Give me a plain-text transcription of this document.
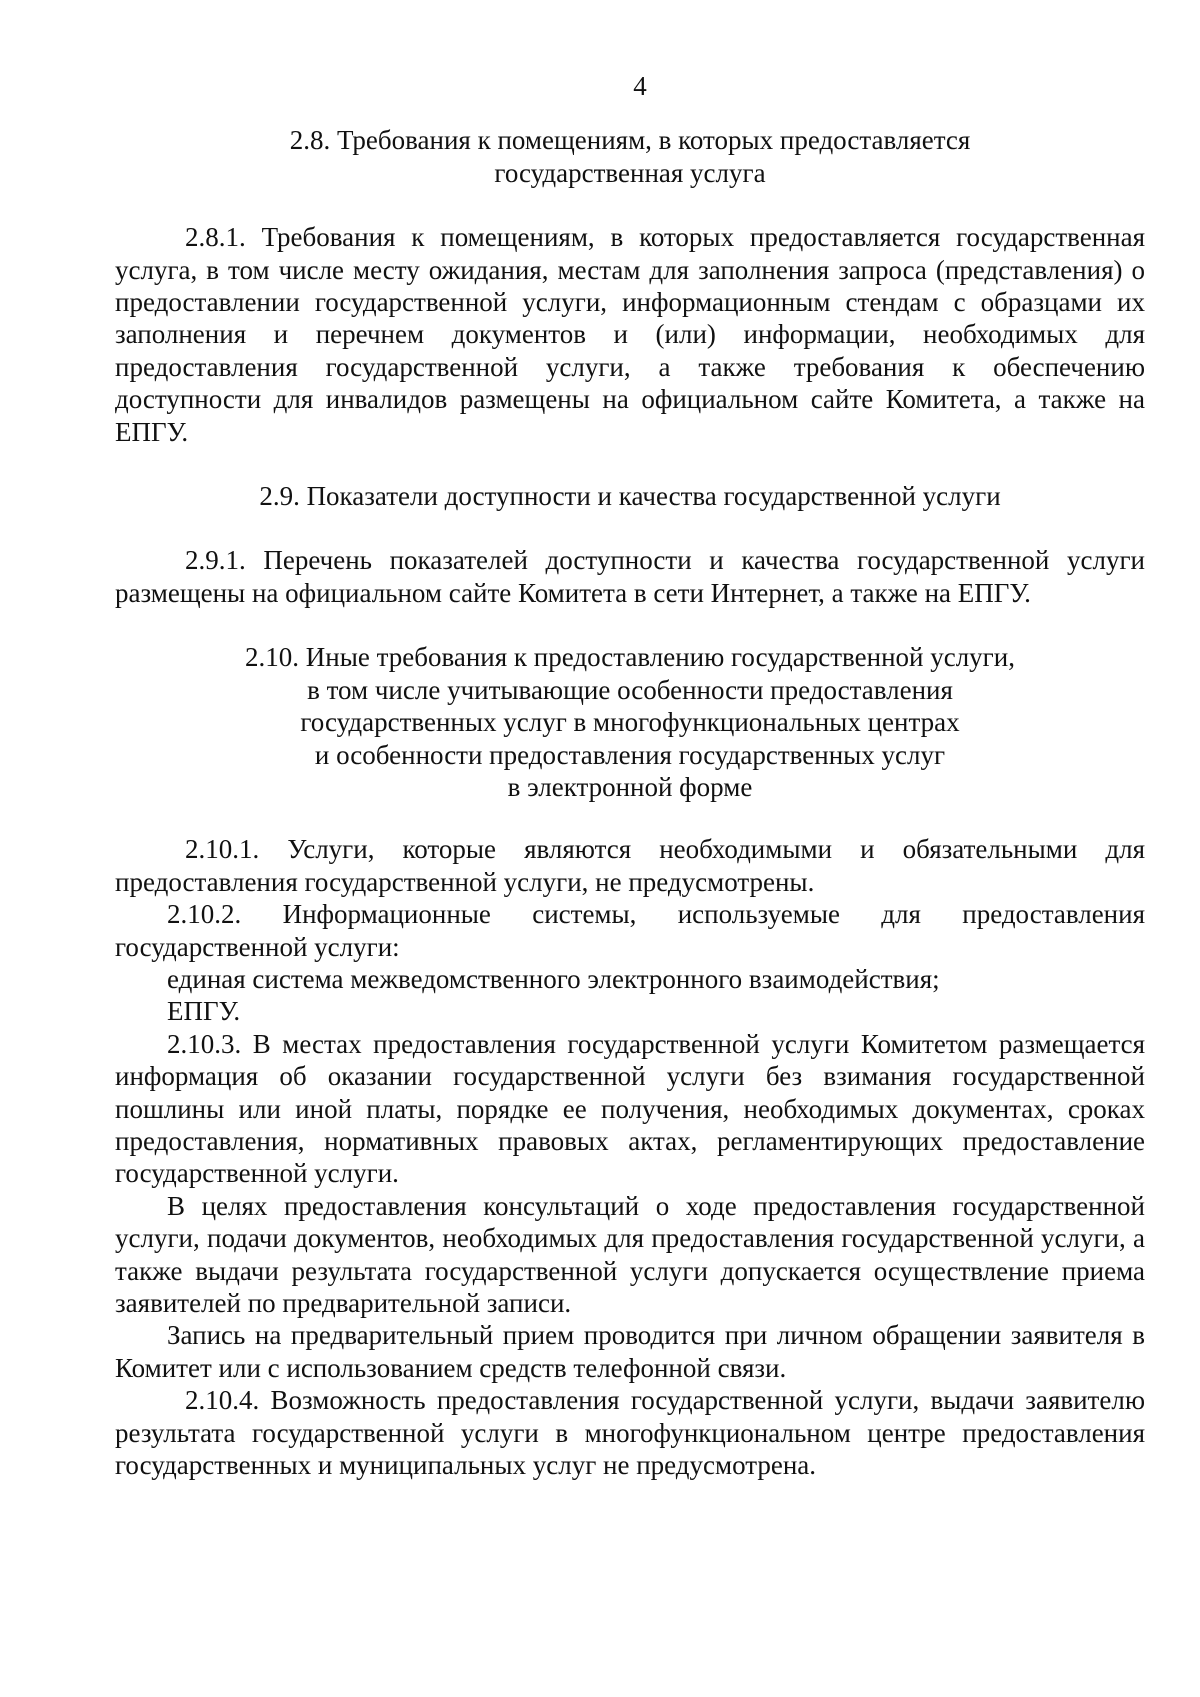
4
2.8. Требования к помещениям, в которых предоставляется
государственная услуга

2.8.1. Требования к помещениям, в которых предоставляется государственная услуга, в том числе месту ожидания, местам для заполнения запроса (представления) о предоставлении государственной услуги, информационным стендам с образцами их заполнения и перечнем документов и (или) информации, необходимых для предоставления государственной услуги, а также требования к обеспечению доступности для инвалидов размещены на официальном сайте Комитета, а также на ЕПГУ.

2.9. Показатели доступности и качества государственной услуги

2.9.1. Перечень показателей доступности и качества государственной услуги размещены на официальном сайте Комитета в сети Интернет, а также на ЕПГУ.

2.10. Иные требования к предоставлению государственной услуги,
в том числе учитывающие особенности предоставления
государственных услуг в многофункциональных центрах
и особенности предоставления государственных услуг
в электронной форме

2.10.1. Услуги, которые являются необходимыми и обязательными для предоставления государственной услуги, не предусмотрены.

2.10.2. Информационные системы, используемые для предоставления государственной услуги:

единая система межведомственного электронного взаимодействия;

ЕПГУ.

2.10.3. В местах предоставления государственной услуги Комитетом размещается информация об оказании государственной услуги без взимания государственной пошлины или иной платы, порядке ее получения, необходимых документах, сроках предоставления, нормативных правовых актах, регламентирующих предоставление государственной услуги.

В целях предоставления консультаций о ходе предоставления государственной услуги, подачи документов, необходимых для предоставления государственной услуги, а также выдачи результата государственной услуги допускается осуществление приема заявителей по предварительной записи.

Запись на предварительный прием проводится при личном обращении заявителя в Комитет или с использованием средств телефонной связи.

2.10.4. Возможность предоставления государственной услуги, выдачи заявителю результата государственной услуги в многофункциональном центре предоставления государственных и муниципальных услуг не предусмотрена.
